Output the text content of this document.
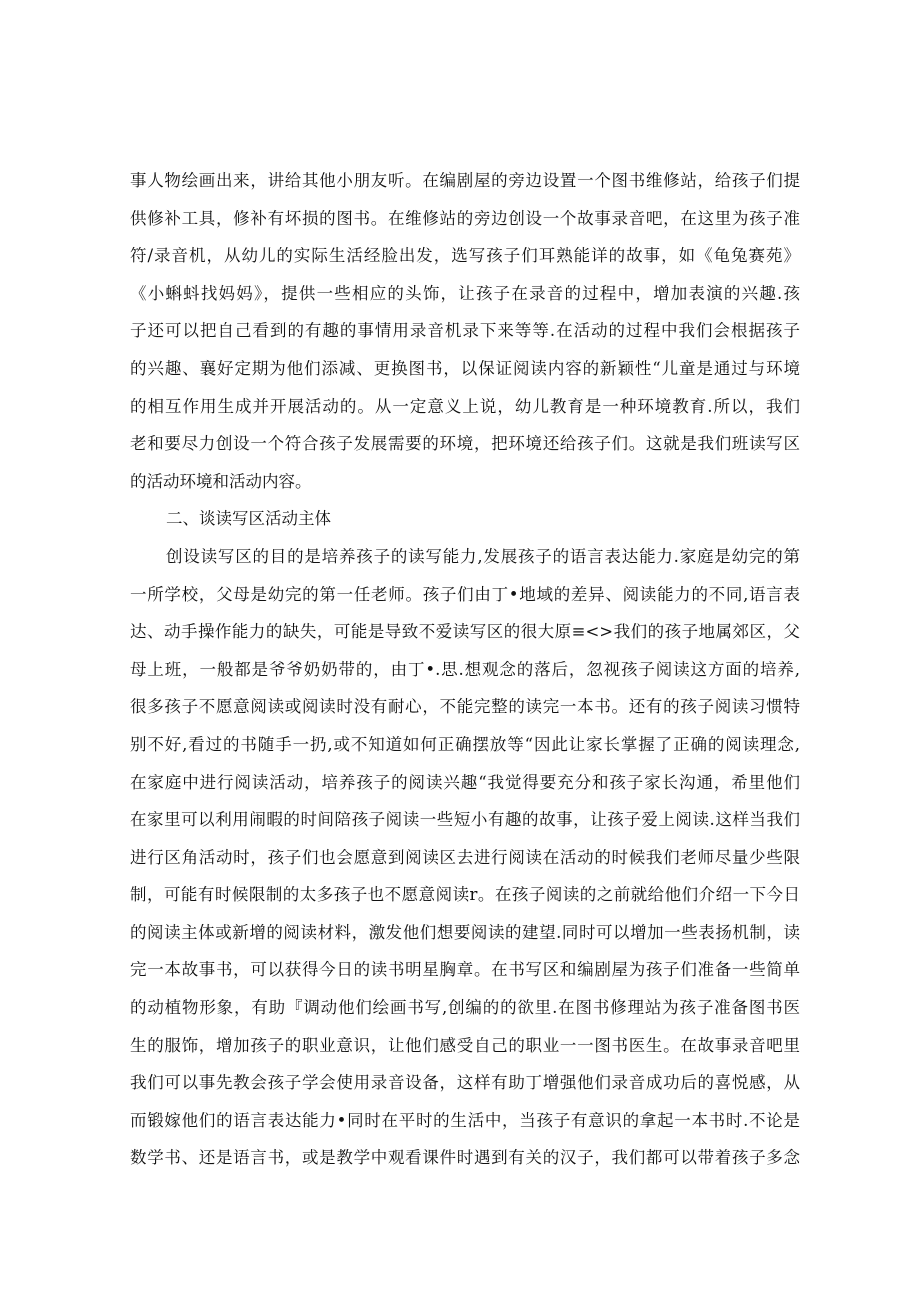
事人物绘画出来，讲给其他小朋友听。在编剧屋的旁边设置一个图书维修站，给孩子们提
供修补工具，修补有坏损的图书。在维修站的旁边创设一个故事录音吧，在这里为孩子准
符/录音机，从幼儿的实际生活经脸出发，选写孩子们耳熟能详的故事，如《龟兔赛苑》
《小蝌蚪找妈妈》，提供一些相应的头饰，让孩子在录音的过程中，增加表演的兴趣.孩
子还可以把自己看到的有趣的事情用录音机录下来等等.在活动的过程中我们会根据孩子
的兴趣、襄好定期为他们添减、更换图书，以保证阅读内容的新颖性“儿童是通过与环境
的相互作用生成并开展活动的。从一定意义上说，幼儿教育是一种环境教育.所以，我们
老和要尽力创设一个符合孩子发展需要的环境，把环境还给孩子们。这就是我们班读写区
的活动环境和活动内容。
二、谈读写区活动主体
创设读写区的目的是培养孩子的读写能力,发展孩子的语言表达能力.家庭是幼完的第
一所学校，父母是幼完的第一任老师。孩子们由丁•地域的差异、阅读能力的不同,语言表
达、动手操作能力的缺失，可能是导致不爱读写区的很大原≡<>我们的孩子地属郊区，父
母上班，一般都是爷爷奶奶带的，由丁•.思.想观念的落后，忽视孩子阅读这方面的培养,
很多孩子不愿意阅读或阅读时没有耐心，不能完整的读完一本书。还有的孩子阅读习惯特
别不好,看过的书随手一扔,或不知道如何正确摆放等“因此让家长掌握了正确的阅读理念,
在家庭中进行阅读活动，培养孩子的阅读兴趣“我觉得要充分和孩子家长沟通，希里他们
在家里可以利用闹暇的时间陪孩子阅读一些短小有趣的故事，让孩子爱上阅读.这样当我们
进行区角活动时，孩子们也会愿意到阅读区去进行阅读在活动的时候我们老师尽量少些限
制，可能有时候限制的太多孩子也不愿意阅读r。在孩子阅读的之前就给他们介绍一下今日
的阅读主体或新增的阅读材料，激发他们想要阅读的建望.同时可以增加一些表扬机制，读
完一本故事书，可以获得今日的读书明星胸章。在书写区和编剧屋为孩子们准备一些简单
的动植物形象，有助『调动他们绘画书写,创编的的欲里.在图书修理站为孩子准备图书医
生的服饰，增加孩子的职业意识，让他们感受自己的职业一一图书医生。在故事录音吧里
我们可以事先教会孩子学会使用录音设备，这样有助丁增强他们录音成功后的喜悦感，从
而锻嫁他们的语言表达能力•同时在平时的生活中，当孩子有意识的拿起一本书时.不论是
数学书、还是语言书，或是教学中观看课件时遇到有关的汉子，我们都可以带着孩子多念
